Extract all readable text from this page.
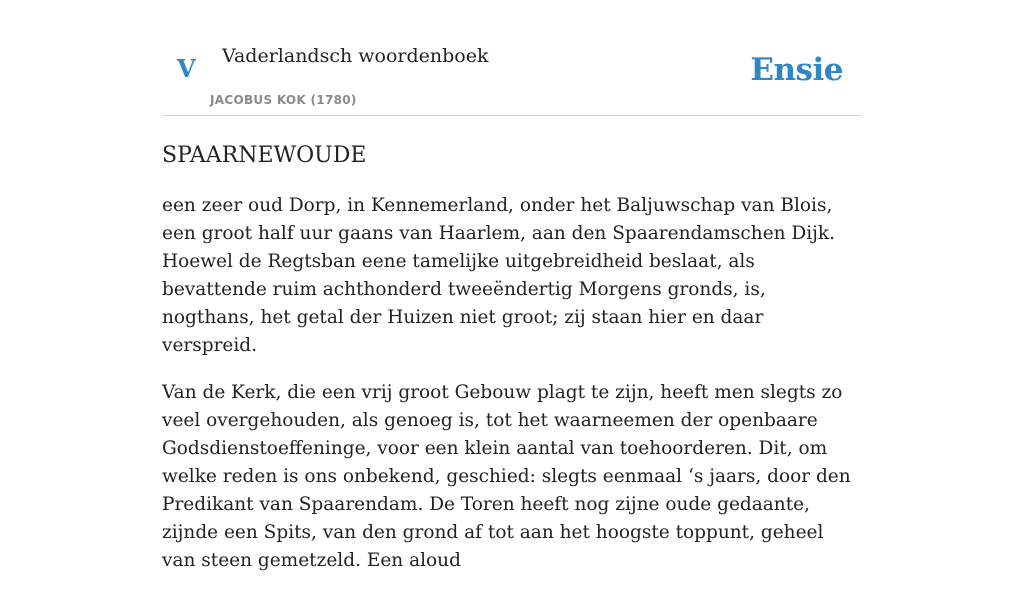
V Vaderlandsch woordenboek
JACOBUS KOK (1780)
Ensie
SPAARNEWOUDE

een zeer oud Dorp, in Kennemerland, onder het Baljuwschap van Blois, een groot half uur gaans van Haarlem, aan den Spaarendamschen Dijk. Hoewel de Regtsban eene tamelijke uitgebreidheid beslaat, als bevattende ruim achthonderd tweeëndertig Morgens gronds, is, nogthans, het getal der Huizen niet groot; zij staan hier en daar verspreid.

Van de Kerk, die een vrij groot Gebouw plagt te zijn, heeft men slegts zo veel overgehouden, als genoeg is, tot het waarneemen der openbaare Godsdienstoeffeninge, voor een klein aantal van toehoorderen. Dit, om welke reden is ons onbekend, geschied: slegts eenmaal ‘s jaars, door den Predikant van Spaarendam. De Toren heeft nog zijne oude gedaante, zijnde een Spits, van den grond af tot aan het hoogste toppunt, geheel van steen gemetzeld. Een aloud
